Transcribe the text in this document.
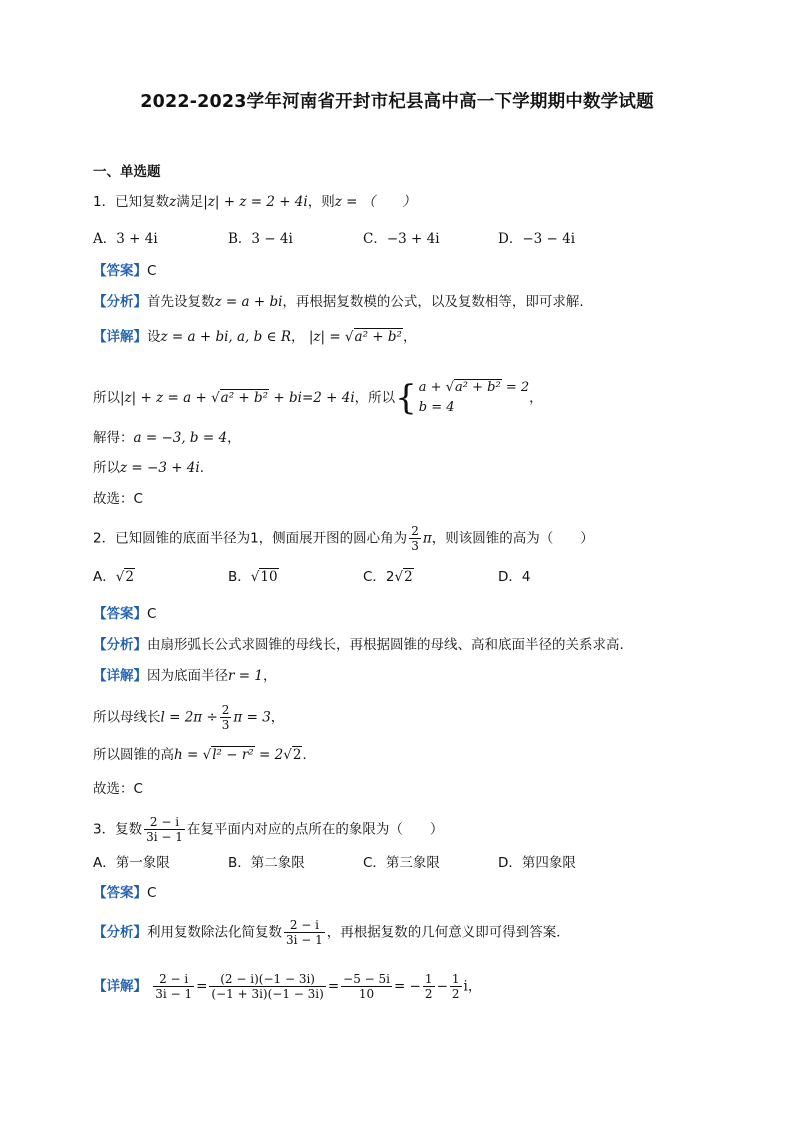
2022-2023学年河南省开封市杞县高中高一下学期期中数学试题
一、单选题
1．已知复数z满足|z| + z = 2 + 4i，则z = （　　）
A．3 + 4i	B．3 − 4i	C．−3 + 4i	D．−3 − 4i
【答案】C
【分析】首先设复数z = a + bi，再根据复数模的公式，以及复数相等，即可求解.
【详解】设z = a + bi, a, b ∈ R， |z| = √a² + b²，
所以|z| + z = a + √a² + b² + bi=2 + 4i，所以{ a + √a² + b² = 2
b = 4
，
解得：a = −3, b = 4，
所以z = −3 + 4i.
故选：C
2．已知圆锥的底面半径为1，侧面展开图的圆心角为 $\frac{2}{3}$ π，则该圆锥的高为（　　）
A．√2	B．√10	C．2√2	D．4
【答案】C
【分析】由扇形弧长公式求圆锥的母线长，再根据圆锥的母线、高和底面半径的关系求高.
【详解】因为底面半径r = 1，
所以母线长$l = 2\pi \div \frac{2}{3}$ π = 3，
所以圆锥的高h = √l² − r² = 2√2.
故选：C
3．复数 $\frac{2 - i}{3i - 1}$ 在复平面内对应的点所在的象限为（　　）
A．第一象限	B．第二象限	C．第三象限	D．第四象限
【答案】C
【分析】利用复数除法化简复数 $\frac{2 - i}{3i - 1}$ ，再根据复数的几何意义即可得到答案．
【详解】 $\frac{2 - i}{3i - 1} = \frac{(2 - i)(-1 - 3i)}{(-1 + 3i)(-1 - 3i)} = \frac{-5 - 5i}{10}$ = − $\frac{1}{2} - \frac{1}{2}$ i，
